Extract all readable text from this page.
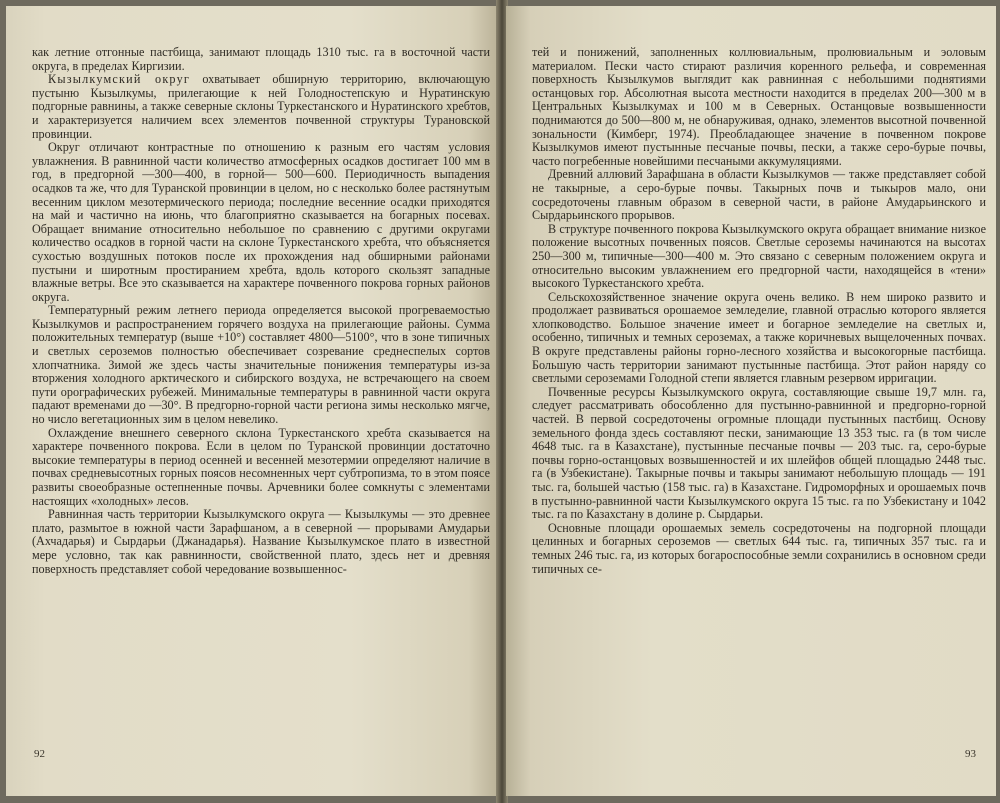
как летние отгонные пастбища, занимают площадь 1310 тыс. га в восточной части округа, в пределах Киргизии.

Кызылкумский округ охватывает обширную территорию, включающую пустыню Кызылкумы, прилегающие к ней Голодностепскую и Нуратинскую подгорные равнины, а также северные склоны Туркестанского и Нуратинского хребтов, и характеризуется наличием всех элементов почвенной структуры Турановской провинции.

Округ отличают контрастные по отношению к разным его частям условия увлажнения. В равнинной части количество атмосферных осадков достигает 100 мм в год, в предгорной —300—400, в горной— 500—600. Периодичность выпадения осадков та же, что для Туранской провинции в целом, но с несколько более растянутым весенним циклом мезотермического периода; последние весенние осадки приходятся на май и частично на июнь, что благоприятно сказывается на богарных посевах. Обращает внимание относительно небольшое по сравнению с другими округами количество осадков в горной части на склоне Туркестанского хребта, что объясняется сухостью воздушных потоков после их прохождения над обширными районами пустыни и широтным простиранием хребта, вдоль которого скользят западные влажные ветры. Все это сказывается на характере почвенного покрова горных районов округа.

Температурный режим летнего периода определяется высокой прогреваемостью Кызылкумов и распространением горячего воздуха на прилегающие районы. Сумма положительных температур (выше +10°) составляет 4800—5100°, что в зоне типичных и светлых сероземов полностью обеспечивает созревание среднеспелых сортов хлопчатника. Зимой же здесь часты значительные понижения температуры из-за вторжения холодного арктического и сибирского воздуха, не встречающего на своем пути орографических рубежей. Минимальные температуры в равнинной части округа падают временами до —30°. В предгорно-горной части региона зимы несколько мягче, но число вегетационных зим в целом невелико.

Охлаждение внешнего северного склона Туркестанского хребта сказывается на характере почвенного покрова. Если в целом по Туранской провинции достаточно высокие температуры в период осенней и весенней мезотермии определяют наличие в почвах средневысотных горных поясов несомненных черт субтропизма, то в этом поясе развиты своеобразные остепненные почвы. Арчевники более сомкнуты с элементами настоящих «холодных» лесов.

Равнинная часть территории Кызылкумского округа — Кызылкумы — это древнее плато, размытое в южной части Зарафшаном, а в северной — прорывами Амударьи (Ахчадарья) и Сырдарьи (Джанадарья). Название Кызылкумское плато в известной мере условно, так как равнинности, свойственной плато, здесь нет и древняя поверхность представляет собой чередование возвышеннос-

92

тей и понижений, заполненных коллювиальным, пролювиальным и эоловым материалом. Пески часто стирают различия коренного рельефа, и современная поверхность Кызылкумов выглядит как равнинная с небольшими поднятиями останцовых гор. Абсолютная высота местности находится в пределах 200—300 м в Центральных Кызылкумах и 100 м в Северных. Останцовые возвышенности поднимаются до 500—800 м, не обнаруживая, однако, элементов высотной почвенной зональности (Кимберг, 1974). Преобладающее значение в почвенном покрове Кызылкумов имеют пустынные песчаные почвы, пески, а также серо-бурые почвы, часто погребенные новейшими песчаными аккумуляциями.

Древний аллювий Зарафшана в области Кызылкумов — также представляет собой не такырные, а серо-бурые почвы. Такырных почв и тыкыров мало, они сосредоточены главным образом в северной части, в районе Амударьинского и Сырдарьинского прорывов.

В структуре почвенного покрова Кызылкумского округа обращает внимание низкое положение высотных почвенных поясов. Светлые сероземы начинаются на высотах 250—300 м, типичные—300—400 м. Это связано с северным положением округа и относительно высоким увлажнением его предгорной части, находящейся в «тени» высокого Туркестанского хребта.

Сельскохозяйственное значение округа очень велико. В нем широко развито и продолжает развиваться орошаемое земледелие, главной отраслью которого является хлопководство. Большое значение имеет и богарное земледелие на светлых и, особенно, типичных и темных сероземах, а также коричневых выщелоченных почвах. В округе представлены районы горно-лесного хозяйства и высокогорные пастбища. Большую часть территории занимают пустынные пастбища. Этот район наряду со светлыми сероземами Голодной степи является главным резервом ирригации.

Почвенные ресурсы Кызылкумского округа, составляющие свыше 19,7 млн. га, следует рассматривать обособленно для пустынно-равнинной и предгорно-горной частей. В первой сосредоточены огромные площади пустынных пастбищ. Основу земельного фонда здесь составляют пески, занимающие 13 353 тыс. га (в том числе 4648 тыс. га в Казахстане), пустынные песчаные почвы — 203 тыс. га, серо-бурые почвы горно-останцовых возвышенностей и их шлейфов общей площадью 2448 тыс. га (в Узбекистане). Такырные почвы и такыры занимают небольшую площадь — 191 тыс. га, большей частью (158 тыс. га) в Казахстане. Гидроморфных и орошаемых почв в пустынно-равнинной части Кызылкумского округа 15 тыс. га по Узбекистану и 1042 тыс. га по Казахстану в долине р. Сырдарьи.

Основные площади орошаемых земель сосредоточены на подгорной площади целинных и богарных сероземов — светлых 644 тыс. га, типичных 357 тыс. га и темных 246 тыс. га, из которых богароспособные земли сохранились в основном среди типичных се-

93
